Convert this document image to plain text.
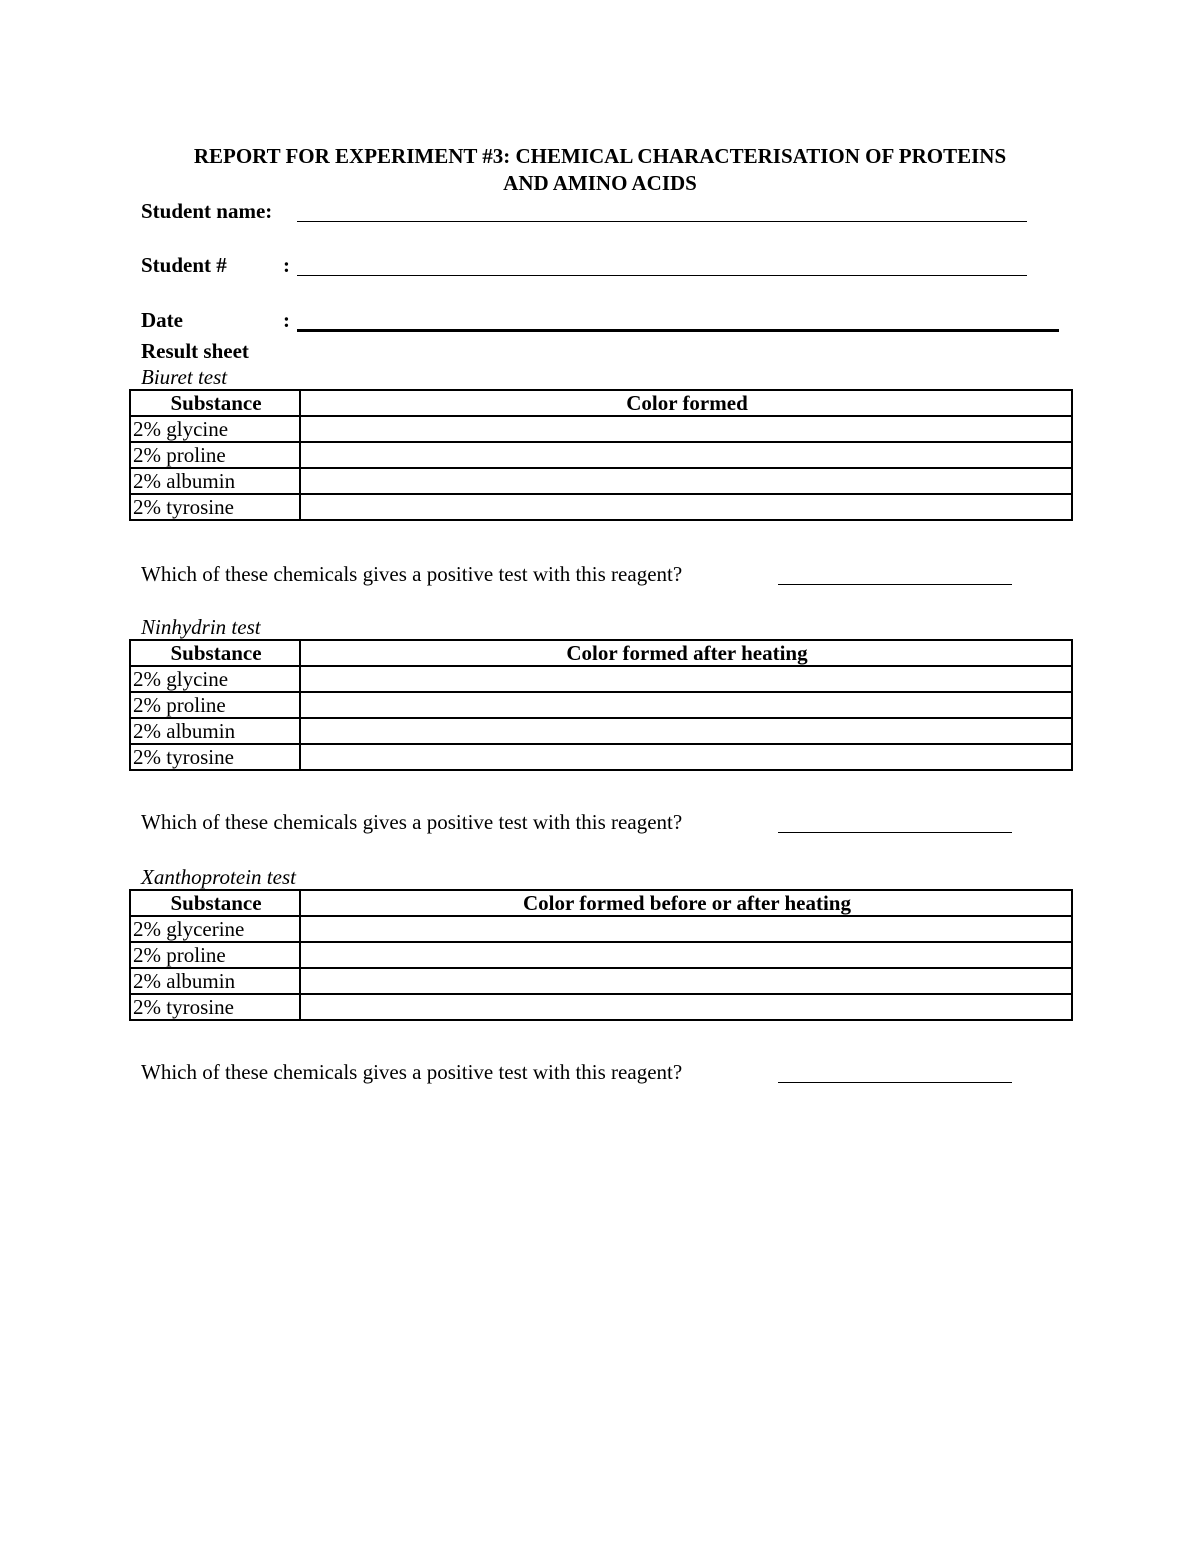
REPORT FOR EXPERIMENT #3: CHEMICAL CHARACTERISATION OF PROTEINS
AND AMINO ACIDS
Student name:
Student #	:
Date	:
Result sheet
Biuret test
Substance	Color formed
2% glycine	
2% proline	
2% albumin	
2% tyrosine	
Which of these chemicals gives a positive test with this reagent?
Ninhydrin test
Substance	Color formed after heating
2% glycine	
2% proline	
2% albumin	
2% tyrosine	
Which of these chemicals gives a positive test with this reagent?
Xanthoprotein test
Substance	Color formed before or after heating
2% glycerine	
2% proline	
2% albumin	
2% tyrosine	
Which of these chemicals gives a positive test with this reagent?
